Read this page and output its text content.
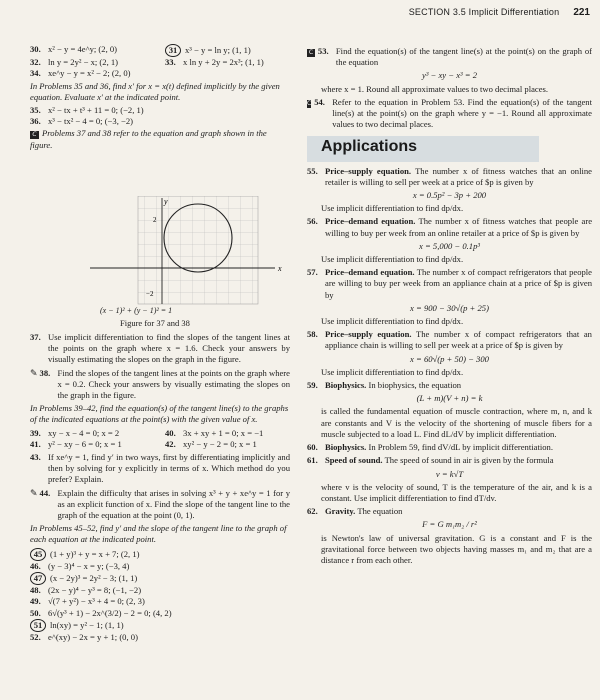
SECTION 3.5 Implicit Differentiation 221
30. x² − y = 4e^y; (2, 0)	31 x³ − y = ln y; (1, 1)
32. ln y = 2y² − x; (2, 1)	33. x ln y + 2y = 2x³; (1, 1)
34. xe^y − y = x² − 2; (2, 0)
In Problems 35 and 36, find x′ for x = x(t) defined implicitly by the given equation. Evaluate x′ at the indicated point.
35. x² − tx + t³ + 11 = 0; (−2, 1)
36. x³ − tx² − 4 = 0; (−3, −2)
C Problems 37 and 38 refer to the equation and graph shown in the figure.
x
y
2
−2
(x − 1)² + (y − 1)² = 1
Figure for 37 and 38
37. Use implicit differentiation to find the slopes of the tangent lines at the points on the graph where x = 1.6. Check your answers by visually estimating the slopes on the graph in the figure.
✎ 38. Find the slopes of the tangent lines at the points on the graph where x = 0.2. Check your answers by visually estimating the slopes on the graph in the figure.
In Problems 39–42, find the equation(s) of the tangent line(s) to the graphs of the indicated equations at the point(s) with the given value of x.
39. xy − x − 4 = 0; x = 2	40. 3x + xy + 1 = 0; x = −1
41. y² − xy − 6 = 0; x = 1	42. xy² − y − 2 = 0; x = 1
43. If xe^y = 1, find y′ in two ways, first by differentiating implicitly and then by solving for y explicitly in terms of x. Which method do you prefer? Explain.
✎ 44. Explain the difficulty that arises in solving x³ + y + xe^y = 1 for y as an explicit function of x. Find the slope of the tangent line to the graph of the equation at the point (0, 1).
In Problems 45–52, find y′ and the slope of the tangent line to the graph of each equation at the indicated point.
45 (1 + y)³ + y = x + 7; (2, 1)
46. (y − 3)⁴ − x = y; (−3, 4)
47 (x − 2y)³ = 2y² − 3; (1, 1)
48. (2x − y)⁴ − y³ = 8; (−1, −2)
49. √(7 + y²) − x³ + 4 = 0; (2, 3)
50. 6√(y³ + 1) − 2x^(3/2) − 2 = 0; (4, 2)
51 ln(xy) = y² − 1; (1, 1)
52. e^(xy) − 2x = y + 1; (0, 0)
C 53. Find the equation(s) of the tangent line(s) at the point(s) on the graph of the equation
y³ − xy − x³ = 2
where x = 1. Round all approximate values to two decimal places.
C 54. Refer to the equation in Problem 53. Find the equation(s) of the tangent line(s) at the point(s) on the graph where y = −1. Round all approximate values to two decimal places.
Applications
55. Price–supply equation. The number x of fitness watches that an online retailer is willing to sell per week at a price of $p is given by
x = 0.5p² − 3p + 200
Use implicit differentiation to find dp/dx.
56. Price–demand equation. The number x of fitness watches that people are willing to buy per week from an online retailer at a price of $p is given by
x = 5,000 − 0.1p³
Use implicit differentiation to find dp/dx.
57. Price–demand equation. The number x of compact refrigerators that people are willing to buy per week from an appliance chain at a price of $p is given by
x = 900 − 30√(p + 25)
Use implicit differentiation to find dp/dx.
58. Price–supply equation. The number x of compact refrigerators that an appliance chain is willing to sell per week at a price of $p is given by
x = 60√(p + 50) − 300
Use implicit differentiation to find dp/dx.
59. Biophysics. In biophysics, the equation
(L + m)(V + n) = k
is called the fundamental equation of muscle contraction, where m, n, and k are constants and V is the velocity of the shortening of muscle fibers for a muscle subjected to a load L. Find dL/dV by implicit differentiation.
60. Biophysics. In Problem 59, find dV/dL by implicit differentiation.
61. Speed of sound. The speed of sound in air is given by the formula
v = k√T
where v is the velocity of sound, T is the temperature of the air, and k is a constant. Use implicit differentiation to find dT/dv.
62. Gravity. The equation
F = G m₁m₂ / r²
is Newton's law of universal gravitation. G is a constant and F is the gravitational force between two objects having masses m₁ and m₂ that are a distance r from each other.
